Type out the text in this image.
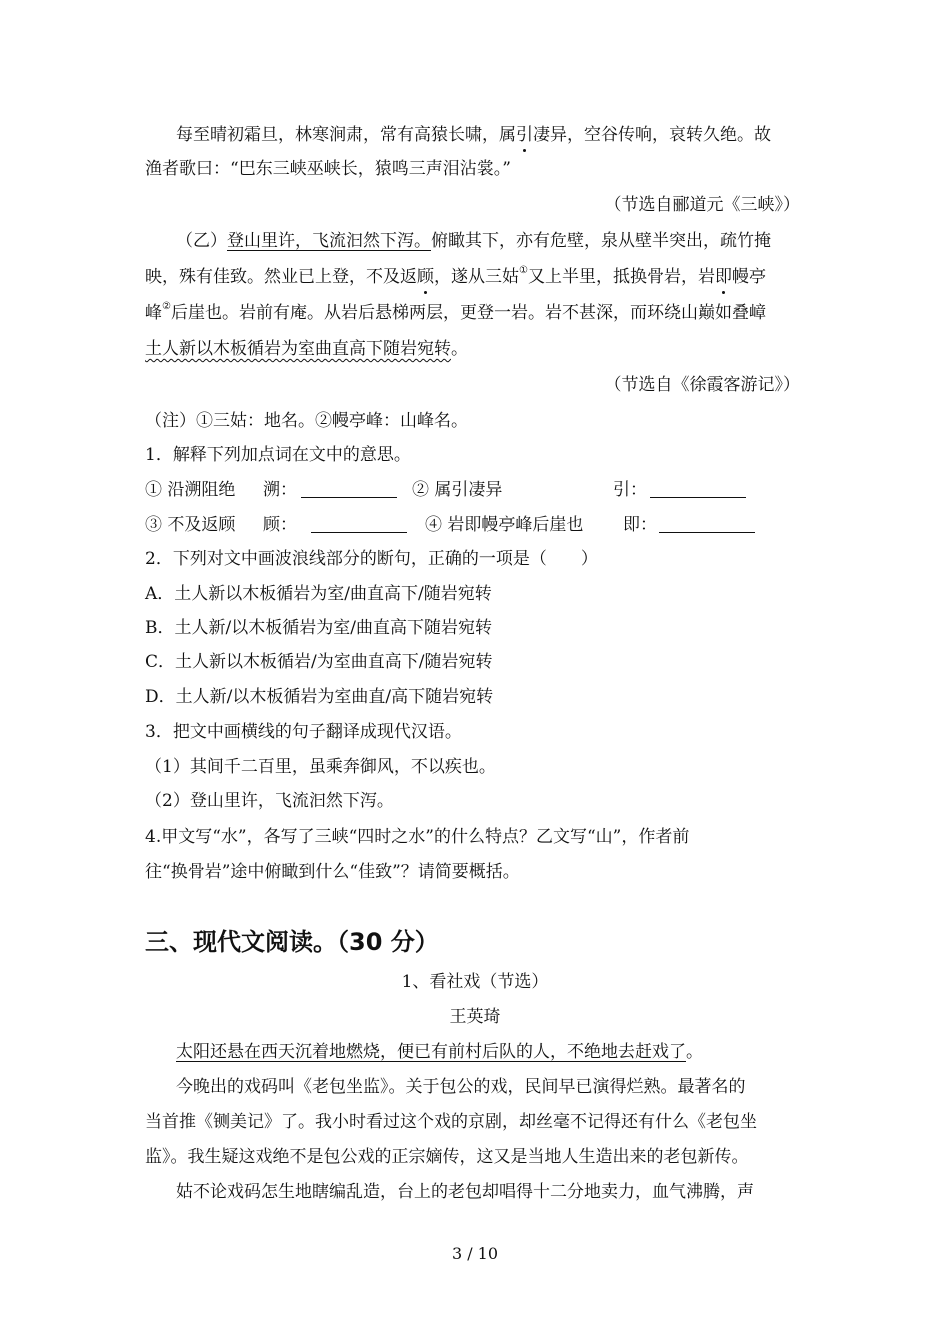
每至晴初霜旦，林寒涧肃，常有高猿长啸，属引凄异，空谷传响，哀转久绝。故
渔者歌曰：“巴东三峡巫峡长，猿鸣三声泪沾裳。”
（节选自郦道元《三峡》）
（乙）登山里许，飞流汩然下泻。俯瞰其下，亦有危壁，泉从壁半突出，疏竹掩
映，殊有佳致。然业已上登，不及返顾，遂从三姑①又上半里，抵换骨岩，岩即幔亭
峰②后崖也。岩前有庵。从岩后悬梯两层，更登一岩。岩不甚深，而环绕山巅如叠嶂
土人新以木板循岩为室曲直高下随岩宛转。
（节选自《徐霞客游记》）
（注）①三姑：地名。②幔亭峰：山峰名。
1．解释下列加点词在文中的意思。
① 沿溯阻绝 溯：	② 属引凄异	引：
③ 不及返顾 顾：	④ 岩即幔亭峰后崖也 即：
2．下列对文中画波浪线部分的断句，正确的一项是（　　）
A．土人新以木板循岩为室/曲直高下/随岩宛转
B．土人新/以木板循岩为室/曲直高下随岩宛转
C．土人新以木板循岩/为室曲直高下/随岩宛转
D．土人新/以木板循岩为室曲直/高下随岩宛转
3．把文中画横线的句子翻译成现代汉语。
（1）其间千二百里，虽乘奔御风，不以疾也。
（2）登山里许，飞流汩然下泻。
4.甲文写“水”，各写了三峡“四时之水”的什么特点？乙文写“山”，作者前
往“换骨岩”途中俯瞰到什么“佳致”？请简要概括。
三、现代文阅读。（30 分）
1、看社戏（节选）
王英琦
太阳还悬在西天沉着地燃烧，便已有前村后队的人，不绝地去赶戏了。
今晚出的戏码叫《老包坐监》。关于包公的戏，民间早已演得烂熟。最著名的
当首推《铡美记》了。我小时看过这个戏的京剧，却丝毫不记得还有什么《老包坐
监》。我生疑这戏绝不是包公戏的正宗嫡传，这又是当地人生造出来的老包新传。
姑不论戏码怎生地瞎编乱造，台上的老包却唱得十二分地卖力，血气沸腾，声
3 / 10
